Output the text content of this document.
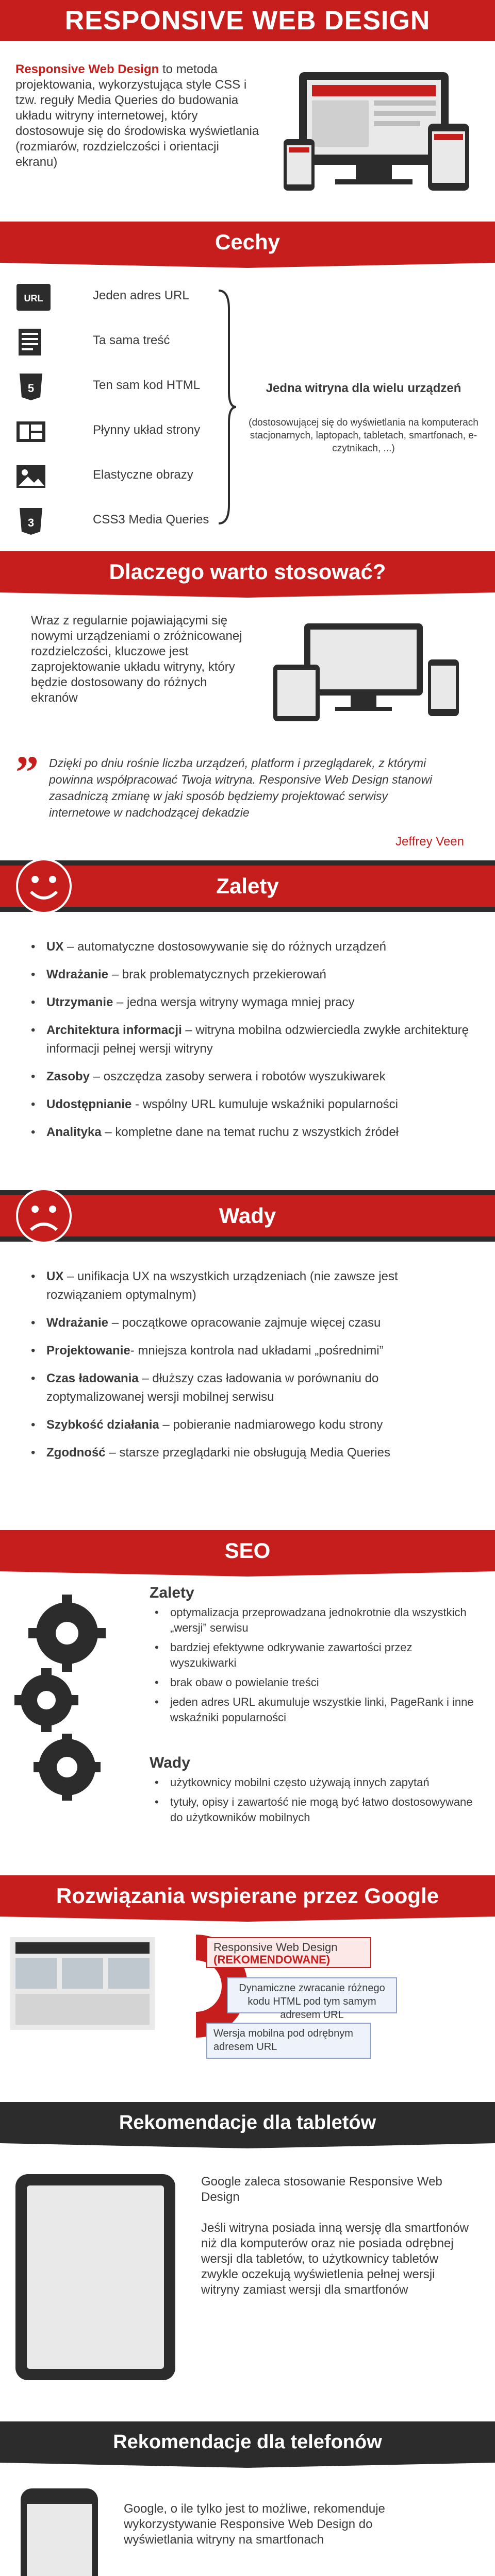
RESPONSIVE WEB DESIGN

Responsive Web Design to metoda projektowania, wykorzystująca style CSS i tzw. reguły Media Queries do budowania układu witryny internetowej, który dostosowuje się do środowiska wyświetlania (rozmiarów, rozdzielczości i orientacji ekranu)

Cechy
URL	Jeden adres URL
Ta sama treść
5	Ten sam kod HTML
Płynny układ strony
Elastyczne obrazy
3	CSS3 Media Queries
Jedna witryna dla wielu urządzeń
(dostosowującej się do wyświetlania na komputerach stacjonarnych, laptopach, tabletach, smartfonach, e-czytnikach, ...)
Dlaczego warto stosować?

Wraz z regularnie pojawiającymi się nowymi urządzeniami o zróżnicowanej rozdzielczości, kluczowe jest zaprojektowanie układu witryny, który będzie dostosowany do różnych ekranów

” Dzięki po dniu rośnie liczba urządzeń, platform i przeglądarek, z którymi powinna współpracować Twoja witryna. Responsive Web Design stanowi zasadniczą zmianę w jaki sposób będziemy projektować serwisy internetowe w nadchodzącej dekadzie
Jeffrey Veen
Zalety
• UX – automatyczne dostosowywanie się do różnych urządzeń
• Wdrażanie – brak problematycznych przekierowań
• Utrzymanie – jedna wersja witryny wymaga mniej pracy
• Architektura informacji – witryna mobilna odzwierciedla zwykłe architekturę informacji pełnej wersji witryny
• Zasoby – oszczędza zasoby serwera i robotów wyszukiwarek
• Udostępnianie - wspólny URL kumuluje wskaźniki popularności
• Analityka – kompletne dane na temat ruchu z wszystkich źródeł
Wady
• UX – unifikacja UX na wszystkich urządzeniach (nie zawsze jest rozwiązaniem optymalnym)
• Wdrażanie – początkowe opracowanie zajmuje więcej czasu
• Projektowanie- mniejsza kontrola nad układami „pośrednimi”
• Czas ładowania – dłuższy czas ładowania w porównaniu do zoptymalizowanej wersji mobilnej serwisu
• Szybkość działania – pobieranie nadmiarowego kodu strony
• Zgodność – starsze przeglądarki nie obsługują Media Queries
SEO
Zalety
• optymalizacja przeprowadzana jednokrotnie dla wszystkich „wersji” serwisu
• bardziej efektywne odkrywanie zawartości przez wyszukiwarki
• brak obaw o powielanie treści
• jeden adres URL akumuluje wszystkie linki, PageRank i inne wskaźniki popularności
Wady
• użytkownicy mobilni często używają innych zapytań
• tytuły, opisy i zawartość nie mogą być łatwo dostosowywane do użytkowników mobilnych
Rozwiązania wspierane przez Google
Responsive Web Design
(REKOMENDOWANE)
Dynamiczne zwracanie różnego kodu HTML pod tym samym adresem URL
Wersja mobilna pod odrębnym adresem URL
Rekomendacje dla tabletów

Google zaleca stosowanie Responsive Web Design

Jeśli witryna posiada inną wersję dla smartfonów niż dla komputerów oraz nie posiada odrębnej wersji dla tabletów, to użytkownicy tabletów zwykle oczekują wyświetlenia pełnej wersji witryny zamiast wersji dla smartfonów

Rekomendacje dla telefonów
Google, o ile tylko jest to możliwe, rekomenduje wykorzystywanie Responsive Web Design do wyświetlania witryny na smartfonach
